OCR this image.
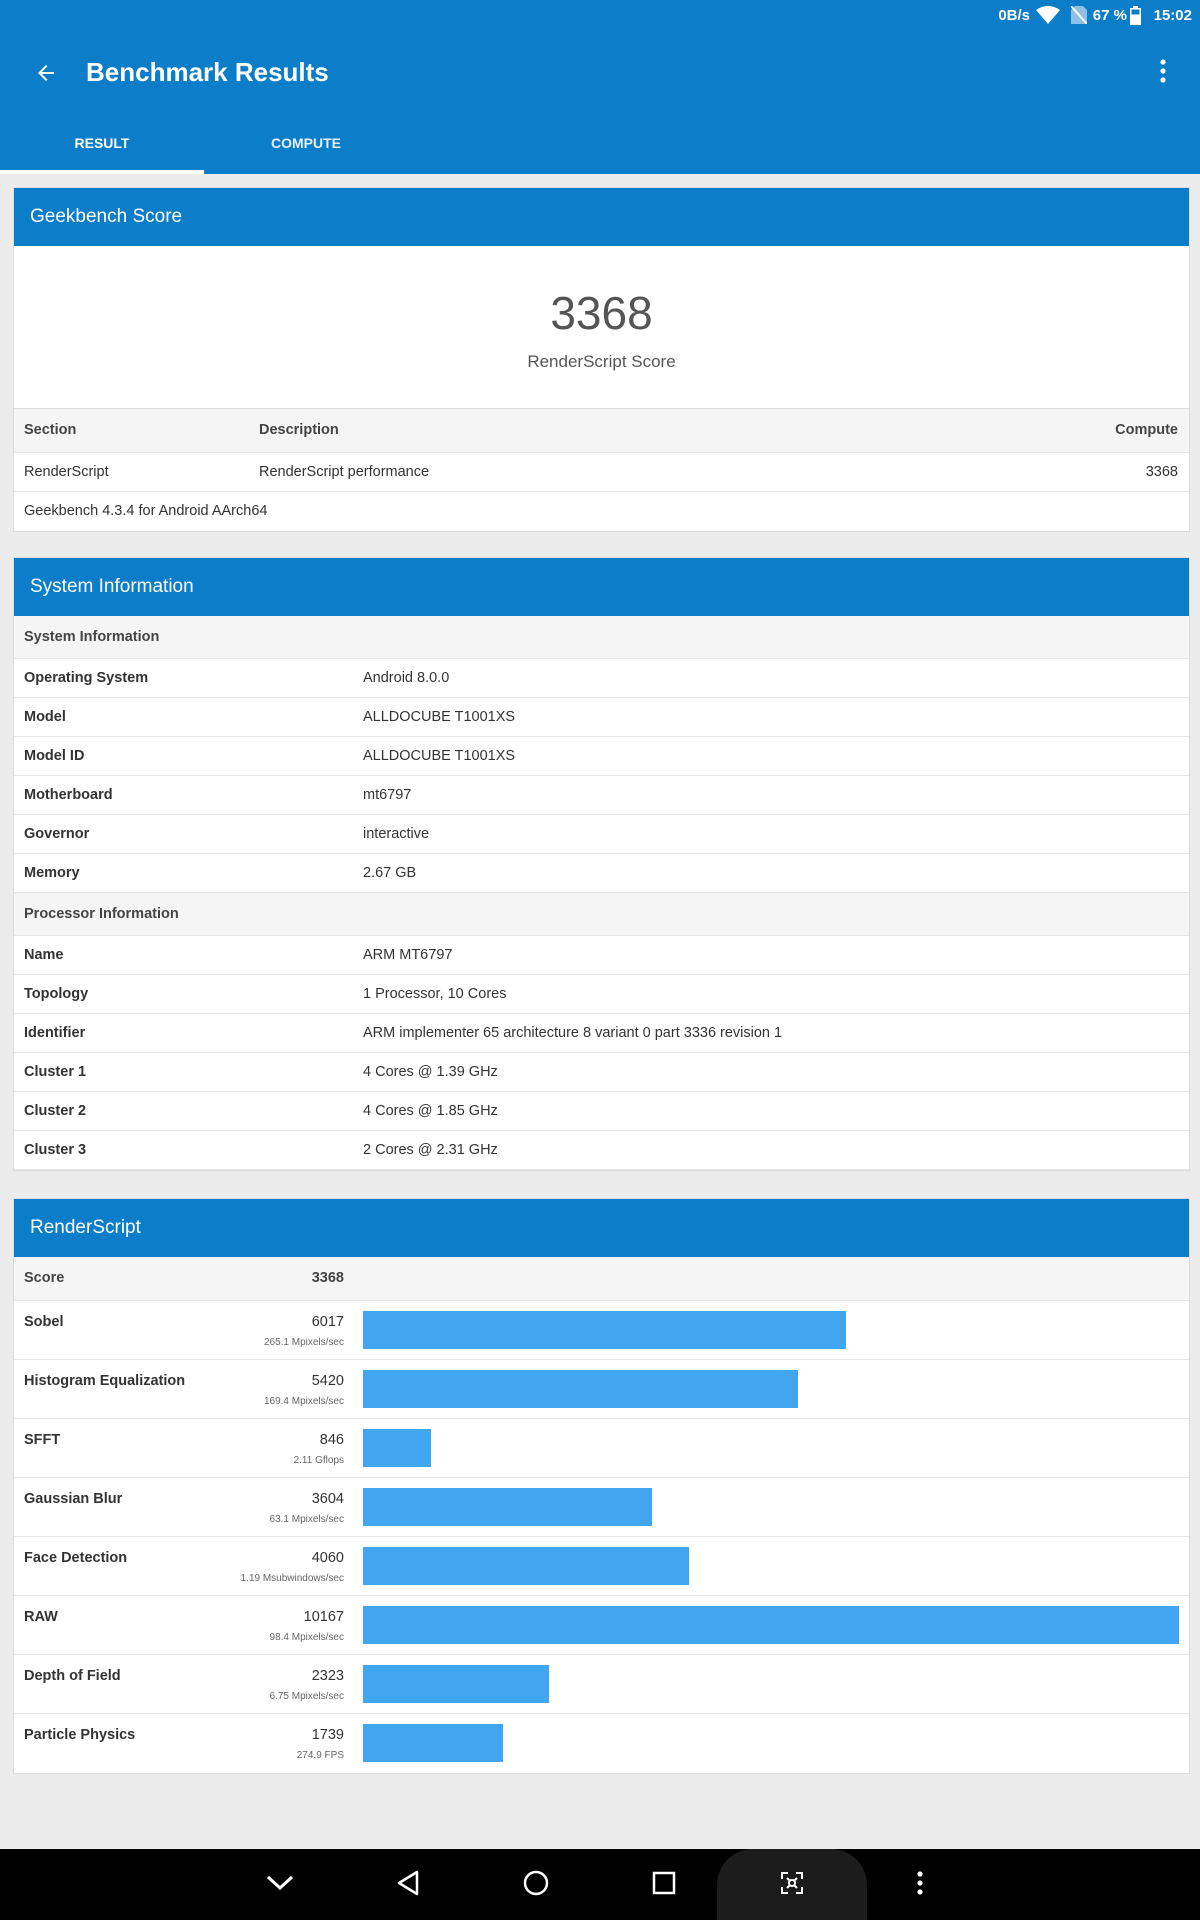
0B/s	67 % 15:02
Benchmark Results
RESULT	COMPUTE
Geekbench Score
3368
RenderScript Score
Section	Description	Compute
RenderScript	RenderScript performance	3368
Geekbench 4.3.4 for Android AArch64
System Information
System Information
Operating System	Android 8.0.0
Model	ALLDOCUBE T1001XS
Model ID	ALLDOCUBE T1001XS
Motherboard	mt6797
Governor	interactive
Memory	2.67 GB
Processor Information
Name	ARM MT6797
Topology	1 Processor, 10 Cores
Identifier	ARM implementer 65 architecture 8 variant 0 part 3336 revision 1
Cluster 1	4 Cores @ 1.39 GHz
Cluster 2	4 Cores @ 1.85 GHz
Cluster 3	2 Cores @ 2.31 GHz
RenderScript
Score	3368
Sobel	6017
265.1 Mpixels/sec
Histogram Equalization	5420
169.4 Mpixels/sec
SFFT	846
2.11 Gflops
Gaussian Blur	3604
63.1 Mpixels/sec
Face Detection	4060
1.19 Msubwindows/sec
RAW	10167
98.4 Mpixels/sec
Depth of Field	2323
6.75 Mpixels/sec
Particle Physics	1739
274.9 FPS
